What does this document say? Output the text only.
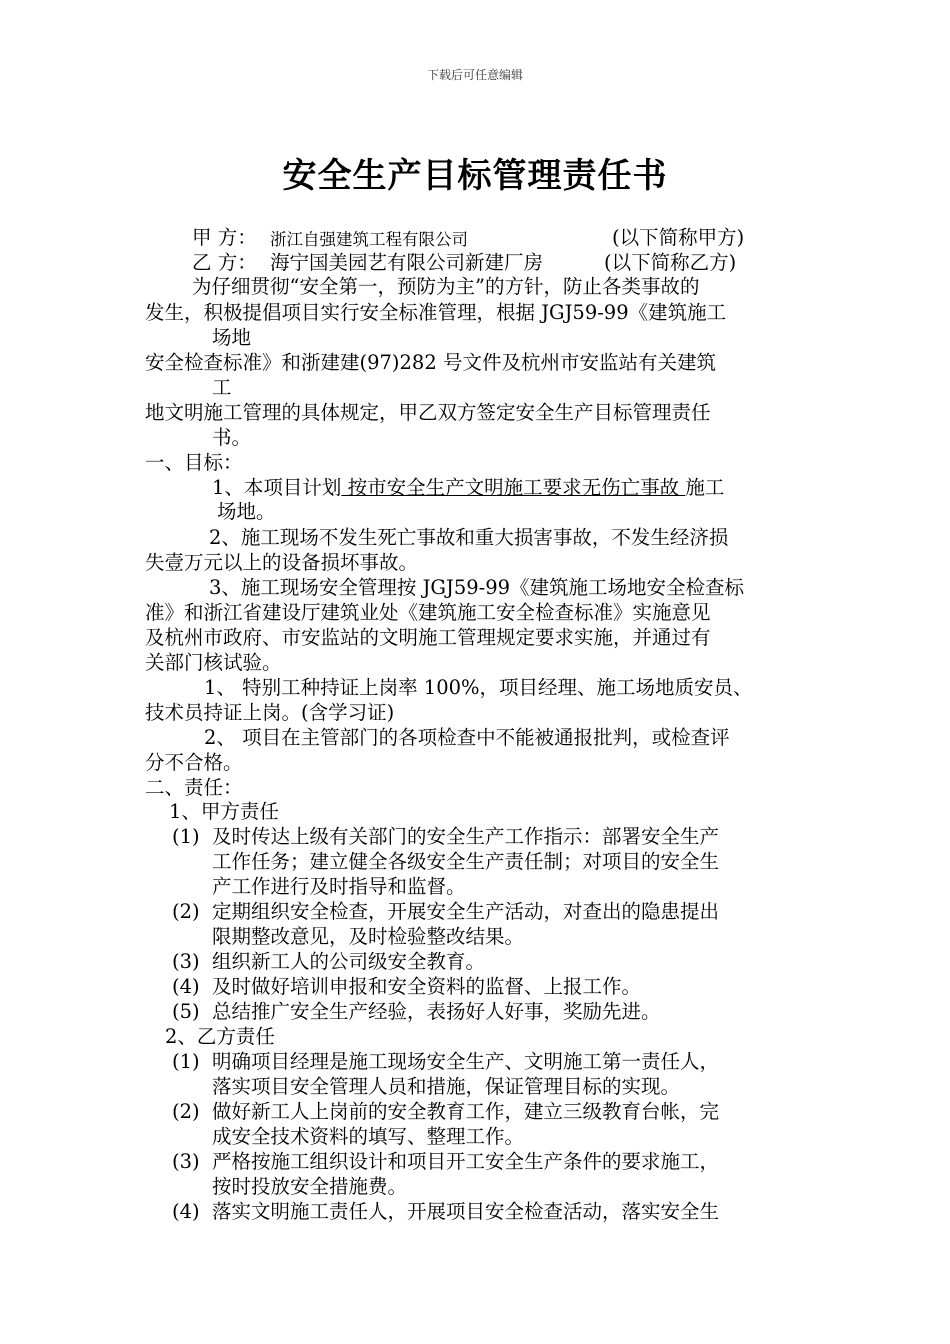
下载后可任意编辑
安全生产目标管理责任书
甲 方： 浙江自强建筑工程有限公司	(以下简称甲方)
乙 方： 海宁国美园艺有限公司新建厂房	(以下简称乙方)
为仔细贯彻“安全第一，预防为主”的方针，防止各类事故的
发生，积极提倡项目实行安全标准管理，根据 JGJ59-99《建筑施工
场地
安全检查标准》和浙建建(97)282 号文件及杭州市安监站有关建筑
工
地文明施工管理的具体规定，甲乙双方签定安全生产目标管理责任
书。
一、目标：
1、本项目计划 按市安全生产文明施工要求无伤亡事故 施工
场地。
2、施工现场不发生死亡事故和重大损害事故，不发生经济损
失壹万元以上的设备损坏事故。
3、施工现场安全管理按 JGJ59-99《建筑施工场地安全检查标
准》和浙江省建设厅建筑业处《建筑施工安全检查标准》实施意见
及杭州市政府、市安监站的文明施工管理规定要求实施，并通过有
关部门核试验。
1、 特别工种持证上岗率 100%，项目经理、施工场地质安员、
技术员持证上岗。(含学习证)
2、 项目在主管部门的各项检查中不能被通报批判，或检查评
分不合格。
二、责任：
1、甲方责任
(1) 及时传达上级有关部门的安全生产工作指示：部署安全生产
工作任务；建立健全各级安全生产责任制；对项目的安全生
产工作进行及时指导和监督。
(2) 定期组织安全检查，开展安全生产活动，对查出的隐患提出
限期整改意见，及时检验整改结果。
(3) 组织新工人的公司级安全教育。
(4) 及时做好培训申报和安全资料的监督、上报工作。
(5) 总结推广安全生产经验，表扬好人好事，奖励先进。
2、乙方责任
(1) 明确项目经理是施工现场安全生产、文明施工第一责任人，
落实项目安全管理人员和措施，保证管理目标的实现。
(2) 做好新工人上岗前的安全教育工作，建立三级教育台帐，完
成安全技术资料的填写、整理工作。
(3) 严格按施工组织设计和项目开工安全生产条件的要求施工，
按时投放安全措施费。
(4) 落实文明施工责任人，开展项目安全检查活动，落实安全生
